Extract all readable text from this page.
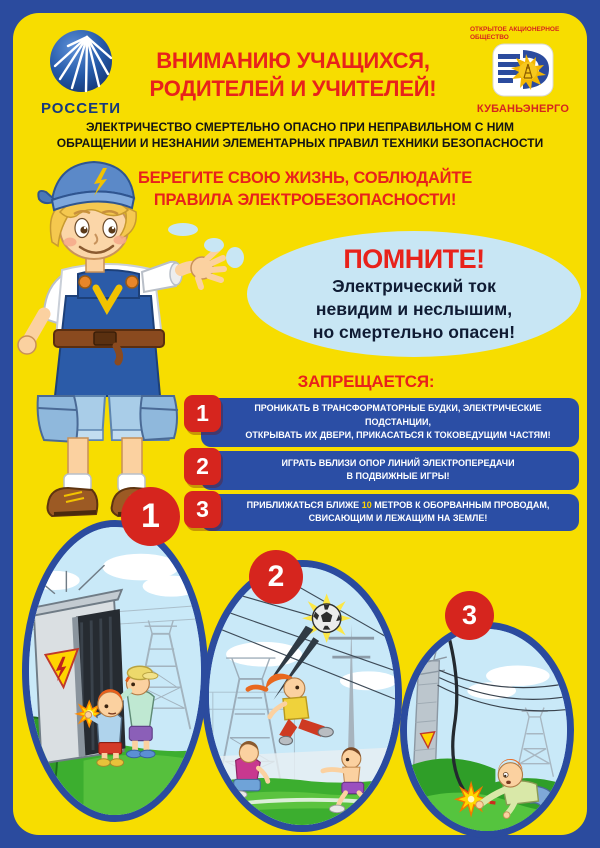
РОССЕТИ
ВНИМАНИЮ УЧАЩИХСЯ,
РОДИТЕЛЕЙ И УЧИТЕЛЕЙ!
ОТКРЫТОЕ АКЦИОНЕРНОЕ
ОБЩЕСТВО
КУБАНЬЭНЕРГО
ЭЛЕКТРИЧЕСТВО СМЕРТЕЛЬНО ОПАСНО ПРИ НЕПРАВИЛЬНОМ С НИМ
ОБРАЩЕНИИ И НЕЗНАНИИ ЭЛЕМЕНТАРНЫХ ПРАВИЛ ТЕХНИКИ БЕЗОПАСНОСТИ
БЕРЕГИТЕ СВОЮ ЖИЗНЬ, СОБЛЮДАЙТЕ
ПРАВИЛА ЭЛЕКТРОБЕЗОПАСНОСТИ!
ПОМНИТЕ!
Электрический ток
невидим и неслышим,
но смертельно опасен!
ЗАПРЕЩАЕТСЯ:
1	ПРОНИКАТЬ В ТРАНСФОРМАТОРНЫЕ БУДКИ, ЭЛЕКТРИЧЕСКИЕ ПОДСТАНЦИИ,
ОТКРЫВАТЬ ИХ ДВЕРИ, ПРИКАСАТЬСЯ К ТОКОВЕДУЩИМ ЧАСТЯМ!
2	ИГРАТЬ ВБЛИЗИ ОПОР ЛИНИЙ ЭЛЕКТРОПЕРЕДАЧИ
В ПОДВИЖНЫЕ ИГРЫ!
3	ПРИБЛИЖАТЬСЯ БЛИЖЕ 10 МЕТРОВ К ОБОРВАННЫМ ПРОВОДАМ,
СВИСАЮЩИМ И ЛЕЖАЩИМ НА ЗЕМЛЕ!
1
2
3
